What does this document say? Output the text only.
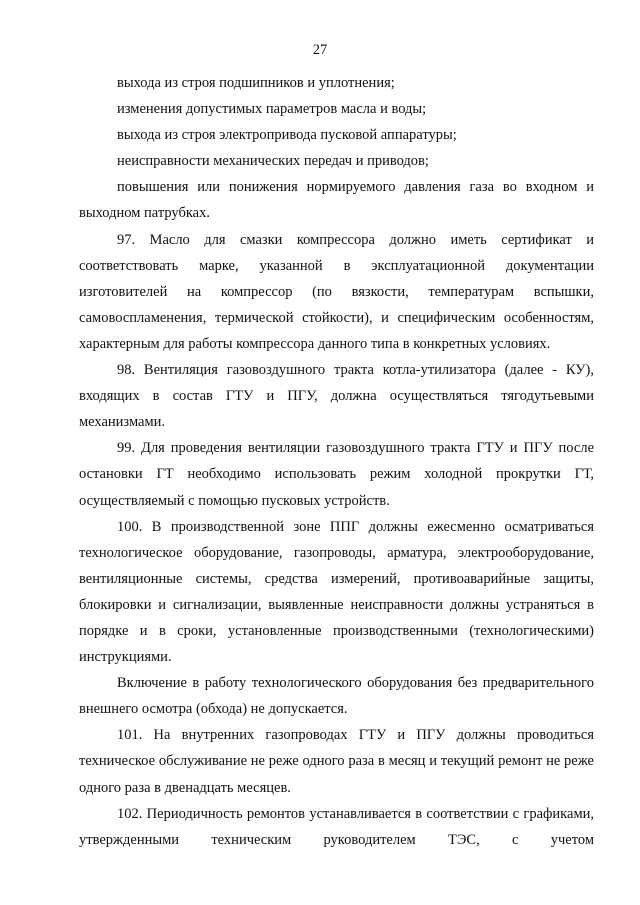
27

выхода из строя подшипников и уплотнения;

изменения допустимых параметров масла и воды;

выхода из строя электропривода пусковой аппаратуры;

неисправности механических передач и приводов;

повышения или понижения нормируемого давления газа во входном и выходном патрубках.

97. Масло для смазки компрессора должно иметь сертификат и соответствовать марке, указанной в эксплуатационной документации изготовителей на компрессор (по вязкости, температурам вспышки, самовоспламенения, термической стойкости), и специфическим особенностям, характерным для работы компрессора данного типа в конкретных условиях.

98. Вентиляция газовоздушного тракта котла-утилизатора (далее - КУ), входящих в состав ГТУ и ПГУ, должна осуществляться тягодутьевыми механизмами.

99. Для проведения вентиляции газовоздушного тракта ГТУ и ПГУ после остановки ГТ необходимо использовать режим холодной прокрутки ГТ, осуществляемый с помощью пусковых устройств.

100. В производственной зоне ППГ должны ежесменно осматриваться технологическое оборудование, газопроводы, арматура, электрооборудование, вентиляционные системы, средства измерений, противоаварийные защиты, блокировки и сигнализации, выявленные неисправности должны устраняться в порядке и в сроки, установленные производственными (технологическими) инструкциями.

Включение в работу технологического оборудования без предварительного внешнего осмотра (обхода) не допускается.

101. На внутренних газопроводах ГТУ и ПГУ должны проводиться техническое обслуживание не реже одного раза в месяц и текущий ремонт не реже одного раза в двенадцать месяцев.

102. Периодичность ремонтов устанавливается в соответствии с графиками, утвержденными техническим руководителем ТЭС, с учетом
